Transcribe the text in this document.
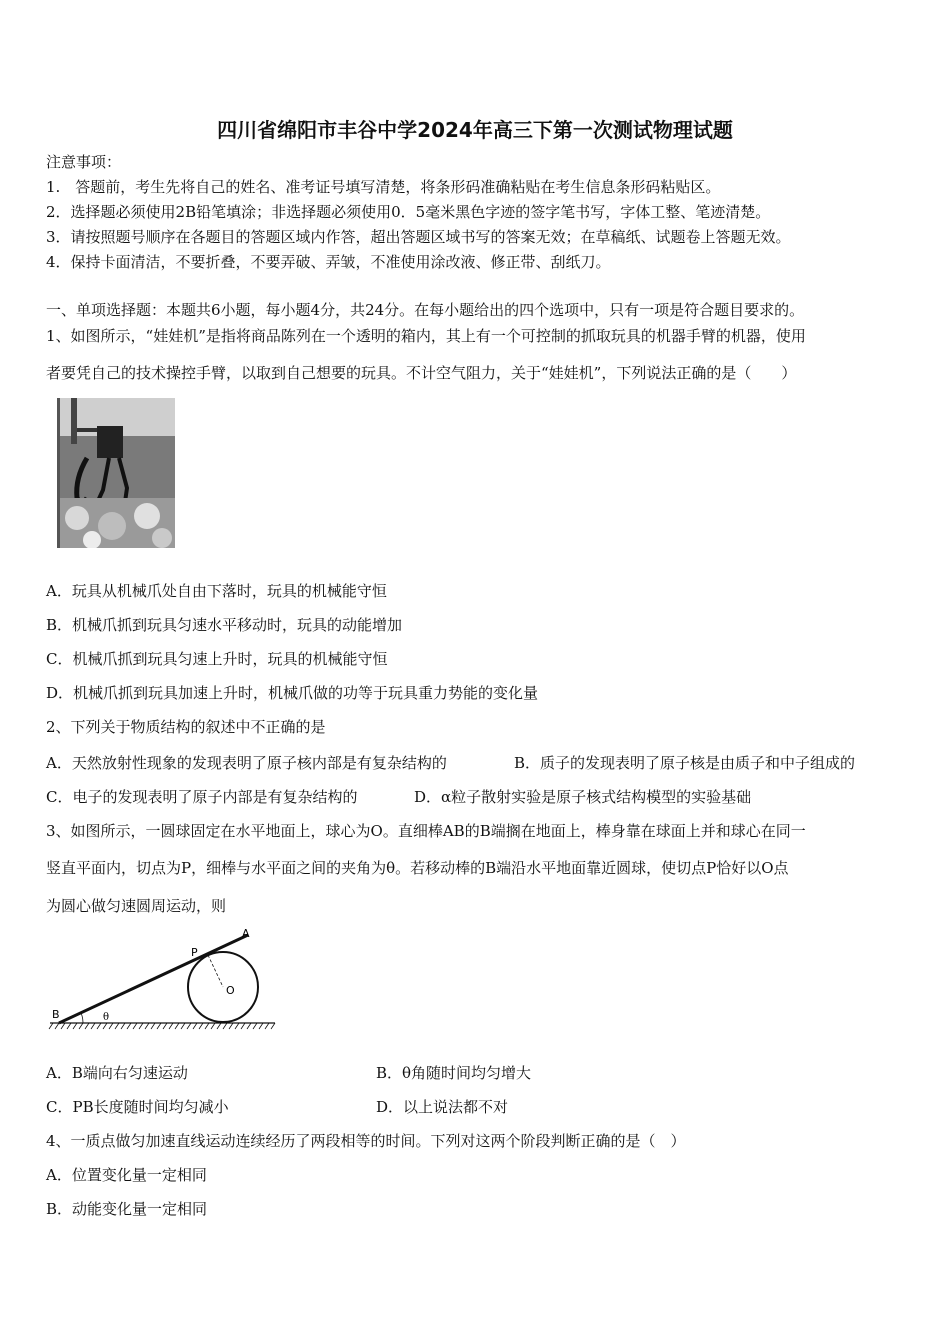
四川省绵阳市丰谷中学2024年高三下第一次测试物理试题
注意事项：
1.　答题前，考生先将自己的姓名、准考证号填写清楚，将条形码准确粘贴在考生信息条形码粘贴区。
2．选择题必须使用2B铅笔填涂；非选择题必须使用0．5毫米黑色字迹的签字笔书写，字体工整、笔迹清楚。
3．请按照题号顺序在各题目的答题区域内作答，超出答题区域书写的答案无效；在草稿纸、试题卷上答题无效。
4．保持卡面清洁，不要折叠，不要弄破、弄皱，不准使用涂改液、修正带、刮纸刀。
一、单项选择题：本题共6小题，每小题4分，共24分。在每小题给出的四个选项中，只有一项是符合题目要求的。
1、如图所示，“娃娃机”是指将商品陈列在一个透明的箱内，其上有一个可控制的抓取玩具的机器手臂的机器，使用
者要凭自己的技术操控手臂，以取到自己想要的玩具。不计空气阻力，关于“娃娃机”，下列说法正确的是（　　）
A．玩具从机械爪处自由下落时，玩具的机械能守恒
B．机械爪抓到玩具匀速水平移动时，玩具的动能增加
C．机械爪抓到玩具匀速上升时，玩具的机械能守恒
D．机械爪抓到玩具加速上升时，机械爪做的功等于玩具重力势能的变化量
2、下列关于物质结构的叙述中不正确的是
A．天然放射性现象的发现表明了原子核内部是有复杂结构的	B．质子的发现表明了原子核是由质子和中子组成的
C．电子的发现表明了原子内部是有复杂结构的	D．α粒子散射实验是原子核式结构模型的实验基础
3、如图所示，一圆球固定在水平地面上，球心为O。直细棒AB的B端搁在地面上，棒身靠在球面上并和球心在同一
竖直平面内，切点为P，细棒与水平面之间的夹角为θ。若移动棒的B端沿水平地面靠近圆球，使切点P恰好以O点
为圆心做匀速圆周运动，则
A
P
O
B	θ
A．B端向右匀速运动	B．θ角随时间均匀增大
C．PB长度随时间均匀减小	D．以上说法都不对
4、一质点做匀加速直线运动连续经历了两段相等的时间。下列对这两个阶段判断正确的是（　）
A．位置变化量一定相同
B．动能变化量一定相同
